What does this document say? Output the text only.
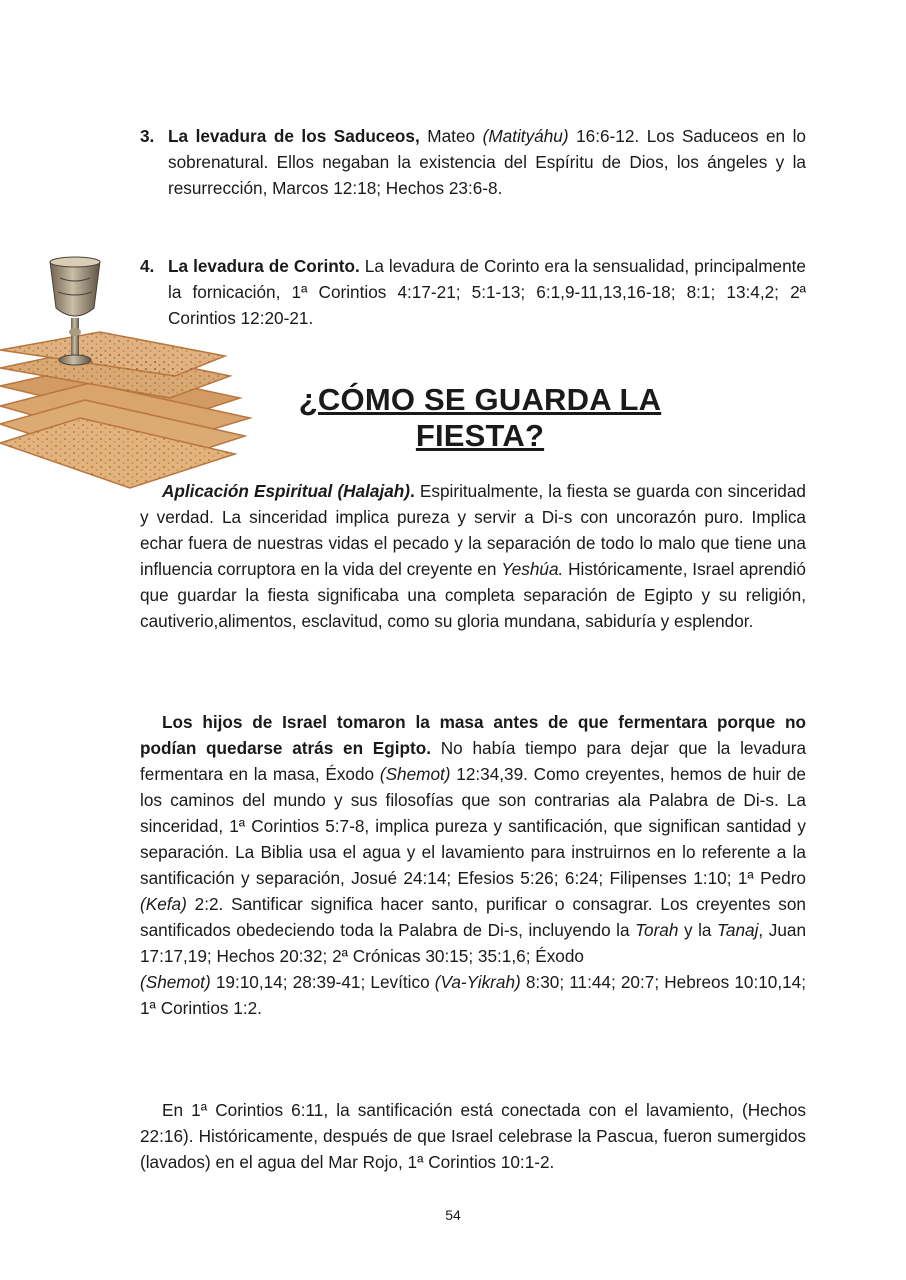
3. La levadura de los Saduceos, Mateo (Matityáhu) 16:6-12. Los Saduceos en lo sobrenatural. Ellos negaban la existencia del Espíritu de Dios, los ángeles y la resurrección, Marcos 12:18; Hechos 23:6-8.
4. La levadura de Corinto. La levadura de Corinto era la sensualidad, principalmente la fornicación, 1ª Corintios 4:17-21; 5:1-13; 6:1,9-11,13,16-18; 8:1; 13:4,2; 2ª Corintios 12:20-21.
¿CÓMO SE GUARDA LA FIESTA?
Aplicación Espiritual (Halajah). Espiritualmente, la fiesta se guarda con sinceridad y verdad. La sinceridad implica pureza y servir a Di-s con uncorazón puro. Implica echar fuera de nuestras vidas el pecado y la separación de todo lo malo que tiene una influencia corruptora en la vida del creyente en Yeshúa. Históricamente, Israel aprendió que guardar la fiesta significaba una completa separación de Egipto y su religión, cautiverio,alimentos, esclavitud, como su gloria mundana, sabiduría y esplendor.
Los hijos de Israel tomaron la masa antes de que fermentara porque no podían quedarse atrás en Egipto. No había tiempo para dejar que la levadura fermentara en la masa, Éxodo (Shemot) 12:34,39. Como creyentes, hemos de huir de los caminos del mundo y sus filosofías que son contrarias ala Palabra de Di-s. La sinceridad, 1ª Corintios 5:7-8, implica pureza y santificación, que significan santidad y separación. La Biblia usa el agua y el lavamiento para instruirnos en lo referente a la santificación y separación, Josué 24:14; Efesios 5:26; 6:24; Filipenses 1:10; 1ª Pedro (Kefa) 2:2. Santificar significa hacer santo, purificar o consagrar. Los creyentes son santificados obedeciendo toda la Palabra de Di-s, incluyendo la Torah y la Tanaj, Juan 17:17,19; Hechos 20:32; 2ª Crónicas 30:15; 35:1,6; Éxodo
(Shemot) 19:10,14; 28:39-41; Levítico (Va-Yikrah) 8:30; 11:44; 20:7; Hebreos 10:10,14; 1ª Corintios 1:2.
En 1ª Corintios 6:11, la santificación está conectada con el lavamiento, (Hechos 22:16). Históricamente, después de que Israel celebrase la Pascua, fueron sumergidos (lavados) en el agua del Mar Rojo, 1ª Corintios 10:1-2.
54
